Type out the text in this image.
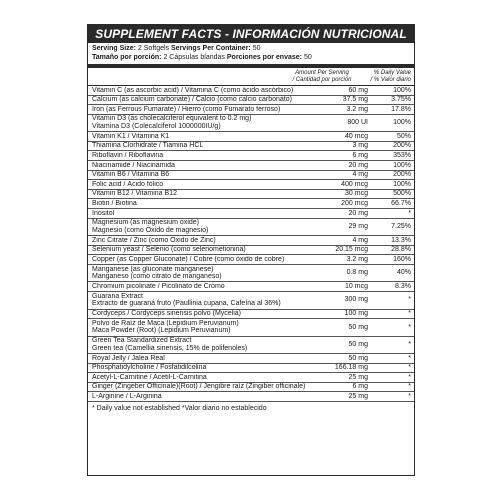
SUPPLEMENT FACTS - INFORMACIÓN NUTRICIONAL
Serving Size: 2 Softgels Servings Per Container: 50
Tamaño por porción: 2 Cápsulas blandas Porciones por envase: 50
Amount Per Serving
/ Cantidad por porción
% Daily Value
/ % Valor diario
Vitamin C (as ascorbic acid) / Vitamina C (como ácido ascórbico)	60 mg	100%
Calcium (as calcium carbonate) / Calcio (como calcio carbonato)	37.5 mg	3.75%
Iron (as Ferrous Fumarate) / Hierro (como Fumarato ferroso)	3.2 mg	17.8%
Vitamin D3 (as cholecalciferol equivalent to 0.2 mg)
Vitamina D3 (Colecalciferol 1000000IU/g)
800 UI	100%
Vitamin K1 / Vitamina K1	40 mcg	50%
Thiamina Clorhidrate / Tiamina HCL	3 mg	200%
Riboflavin / Riboflavina	6 mg	353%
Niacinamide / Niacinamida	20 mg	100%
Vitamin B6 / Vitamina B6	4 mg	200%
Folic acid / Ácido fólico	400 mcg	100%
Vitamin B12 / Vitamina B12	30 mcg	500%
Biotin / Biotina	200 mcg	66.7%
Inositol	20 mg	*
Magnesium (as magnesium oxide)
Magnesio (como Óxido de magnesio)
29 mg	7.25%
Zinc Citrate / Zinc (como Óxido de Zinc)	4 mg	13.3%
Selenium yeast / Selenio (como selenometionina)	20.15 mcg	28.8%
Copper (as Copper Gluconate) / Cobre (como óxido de cobre)	3.2 mg	160%
Manganese (as gluconate manganese)
Manganeso (como citrato de manganeso)
0.8 mg	40%
Chromium picolinate / Picolinato de Cromo	10 mcg	8.3%
Guarana Extract
Extracto de guaraná fruto (Paullinia cupana, Cafeína al 36%)
300 mg	*
Cordyceps / Cordyceps sinensis polvo (Mycelia)	100 mg	*
Polvo de Raíz de Maca (Lepidium Peruvianum)
Maca Powder (Root) (Lepidium Peruvianum)
50 mg	*
Green Tea Standardized Extract
Green tea (Camellia sinensis, 15% de polifenoles)
50 mg	*
Royal Jelly / Jalea Real	50 mg	*
Phosphatidylcholine / Fosfatidilcolina	166.18 mg	*
Acetyl-L-Carnitine / Acetil-L-Carnitina	25 mg	*
Ginger (Zingeber Officinale)(Root) / Jengibre raíz (Zingiber officinale)	6 mg	*
L-Arginine / L-Arginina	25 mg	*
* Daily value not established *Valor diario no establecido
